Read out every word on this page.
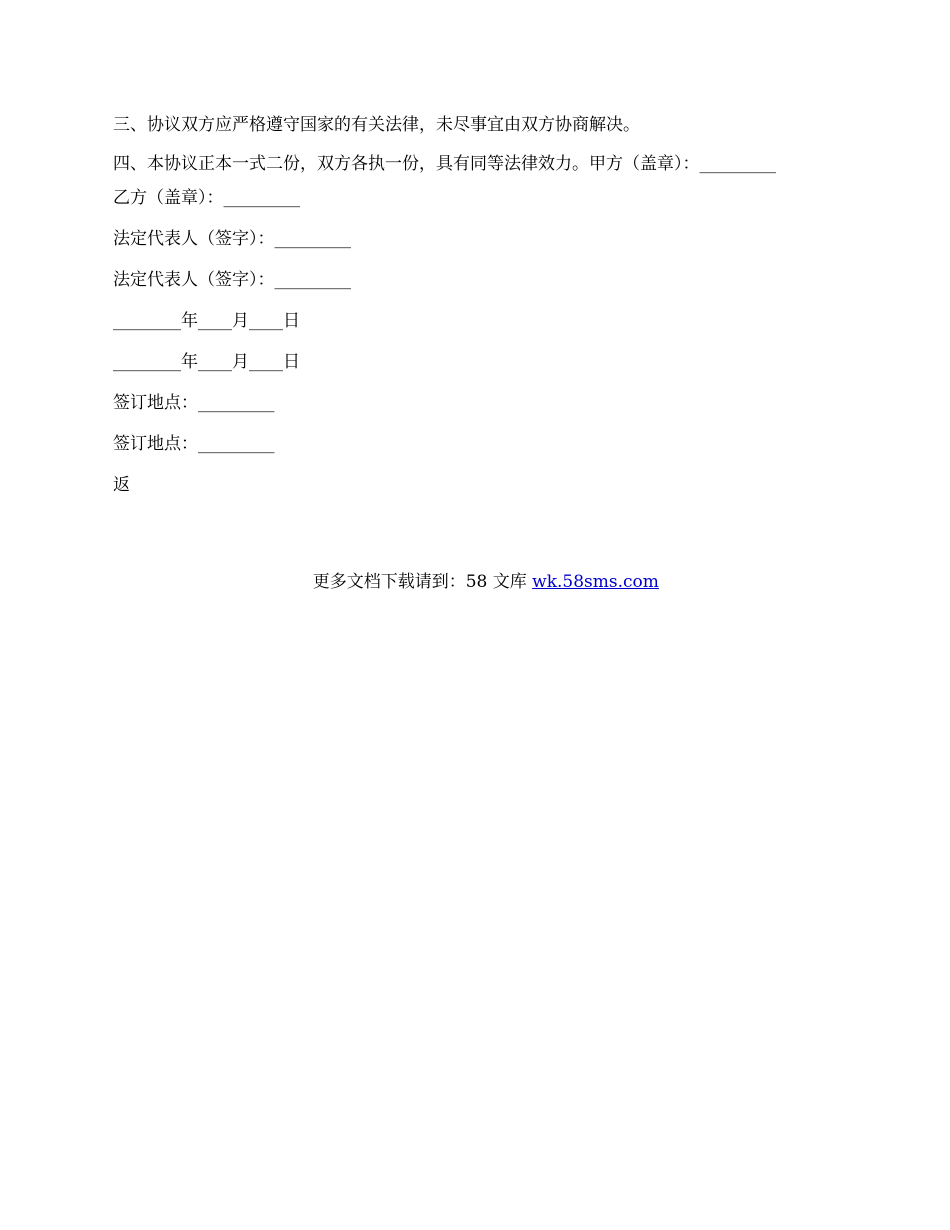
三、协议双方应严格遵守国家的有关法律，未尽事宜由双方协商解决。

四、本协议正本一式二份，双方各执一份，具有同等法律效力。甲方（盖章）：_________

乙方（盖章）：_________

法定代表人（签字）：_________

法定代表人（签字）：_________

________年____月____日

________年____月____日

签订地点：_________

签订地点：_________

返

更多文档下载请到：58 文库 wk.58sms.com
